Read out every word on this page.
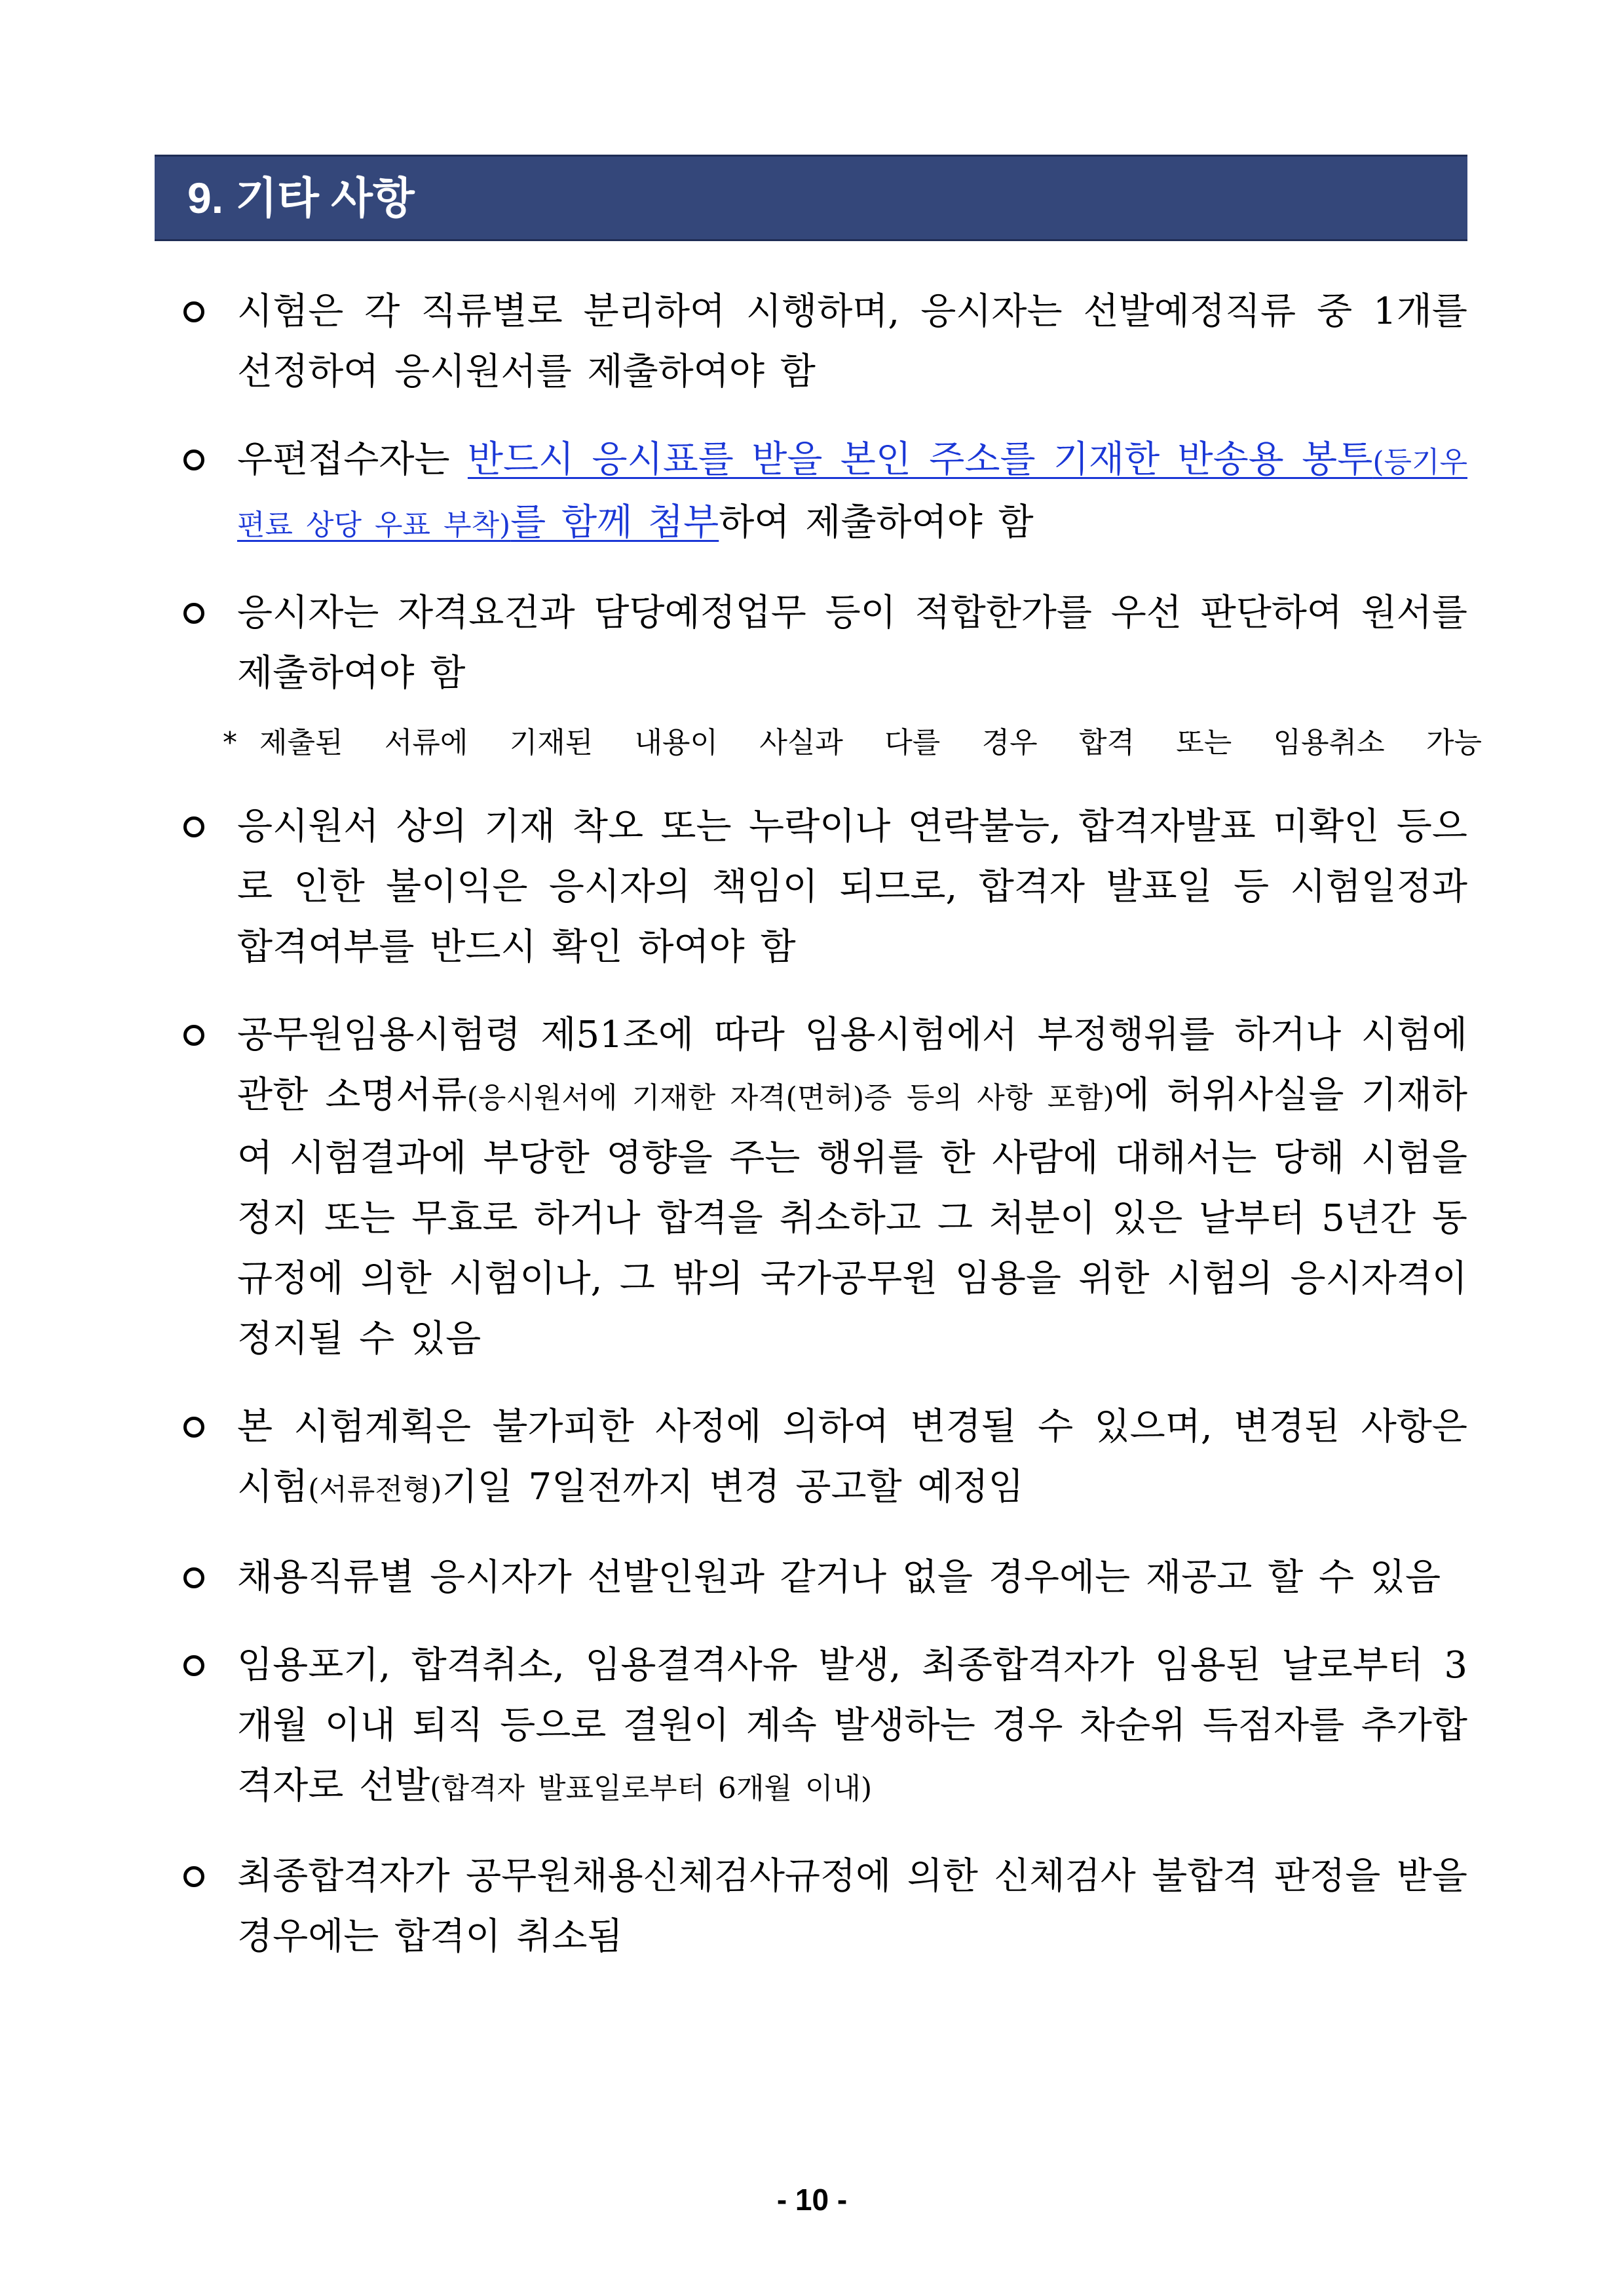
9. 기타 사항
시험은 각 직류별로 분리하여 시행하며, 응시자는 선발예정직류 중 1개를 선정하여 응시원서를 제출하여야 함
우편접수자는 반드시 응시표를 받을 본인 주소를 기재한 반송용 봉투(등기우편료 상당 우표 부착)를 함께 첨부하여 제출하여야 함
응시자는 자격요건과 담당예정업무 등이 적합한가를 우선 판단하여 원서를 제출하여야 함
* 제출된 서류에 기재된 내용이 사실과 다를 경우 합격 또는 임용취소 가능
응시원서 상의 기재 착오 또는 누락이나 연락불능, 합격자발표 미확인 등으로 인한 불이익은 응시자의 책임이 되므로, 합격자 발표일 등 시험일정과 합격여부를 반드시 확인 하여야 함
공무원임용시험령 제51조에 따라 임용시험에서 부정행위를 하거나 시험에 관한 소명서류(응시원서에 기재한 자격(면허)증 등의 사항 포함)에 허위사실을 기재하여 시험결과에 부당한 영향을 주는 행위를 한 사람에 대해서는 당해 시험을 정지 또는 무효로 하거나 합격을 취소하고 그 처분이 있은 날부터 5년간 동 규정에 의한 시험이나, 그 밖의 국가공무원 임용을 위한 시험의 응시자격이 정지될 수 있음
본 시험계획은 불가피한 사정에 의하여 변경될 수 있으며, 변경된 사항은 시험(서류전형)기일 7일전까지 변경 공고할 예정임
채용직류별 응시자가 선발인원과 같거나 없을 경우에는 재공고 할 수 있음
임용포기, 합격취소, 임용결격사유 발생, 최종합격자가 임용된 날로부터 3개월 이내 퇴직 등으로 결원이 계속 발생하는 경우 차순위 득점자를 추가합격자로 선발(합격자 발표일로부터 6개월 이내)
최종합격자가 공무원채용신체검사규정에 의한 신체검사 불합격 판정을 받을 경우에는 합격이 취소됨
- 10 -
